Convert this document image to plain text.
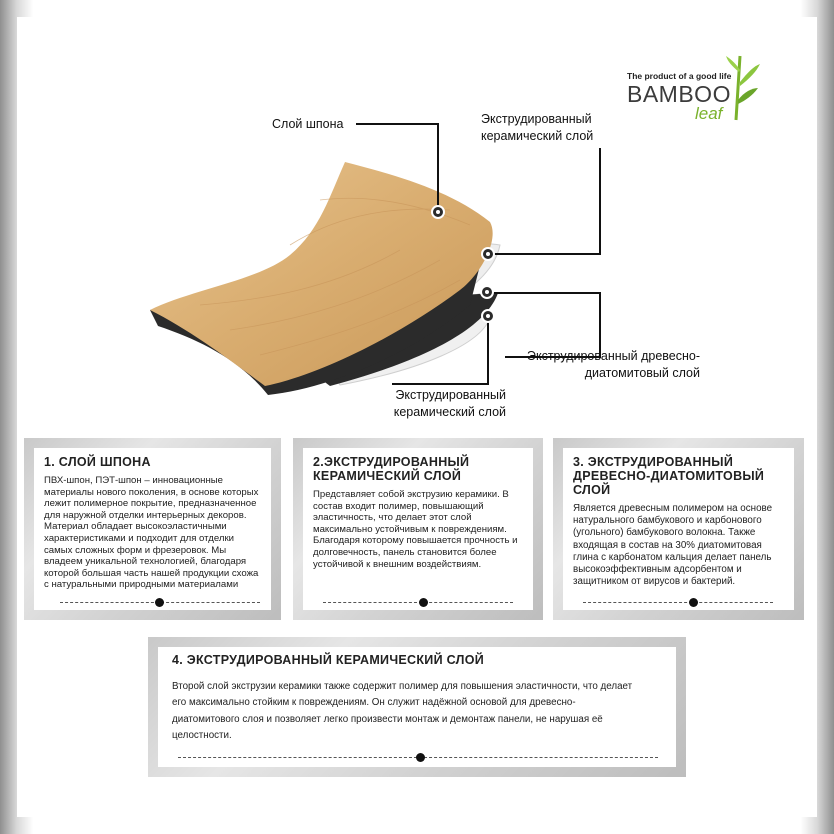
The product of a good life
BAMBOO
leaf
Слой шпона	Экструдированный керамический слой
Экструдированный древесно-диатомитовый слой
Экструдированный керамический слой
1. СЛОЙ ШПОНА
ПВХ-шпон, ПЭТ-шпон – инновационные материалы нового поколения, в основе которых лежит полимерное покрытие, предназначенное для наружной отделки интерьерных декоров. Материал обладает высокоэластичными характеристиками и подходит для отделки самых сложных форм и фрезеровок. Мы владеем уникальной технологией, благодаря которой большая часть нашей продукции схожа с натуральными природными материалами
2.ЭКСТРУДИРОВАННЫЙ КЕРАМИЧЕСКИЙ СЛОЙ
Представляет собой экструзию керамики. В состав входит полимер, повышающий эластичность, что делает этот слой максимально устойчивым к повреждениям. Благодаря которому повышается прочность и долговечность, панель становится более устойчивой к внешним воздействиям.
3. ЭКСТРУДИРОВАННЫЙ ДРЕВЕСНО-ДИАТОМИТОВЫЙ СЛОЙ
Является древесным полимером на основе натурального бамбукового и карбонового (угольного) бамбукового волокна. Также входящая в состав на 30% диатомитовая глина с карбонатом кальция делает панель высокоэффективным адсорбентом и защитником от вирусов и бактерий.
4. ЭКСТРУДИРОВАННЫЙ КЕРАМИЧЕСКИЙ СЛОЙ
Второй слой экструзии керамики также содержит полимер для повышения эластичности, что делает его максимально стойким к повреждениям. Он служит надёжной основой для древесно-диатомитового слоя и позволяет легко произвести монтаж и демонтаж панели, не нарушая её целостности.
